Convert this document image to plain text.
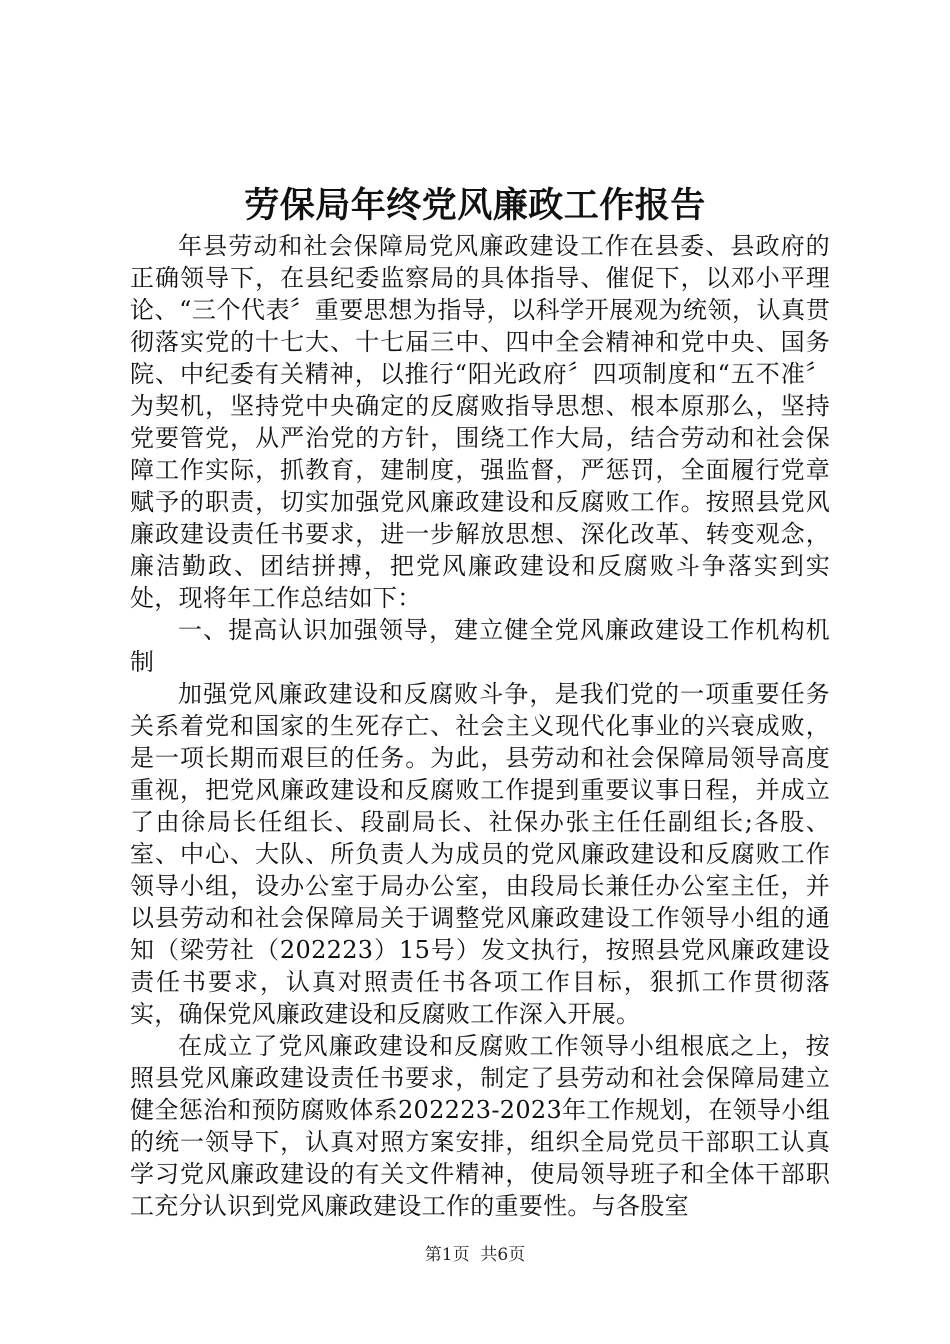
劳保局年终党风廉政工作报告

年县劳动和社会保障局党风廉政建设工作在县委、县政府的正确领导下，在县纪委监察局的具体指导、催促下，以邓小平理论、“三个代表〞重要思想为指导，以科学开展观为统领，认真贯彻落实党的十七大、十七届三中、四中全会精神和党中央、国务院、中纪委有关精神，以推行“阳光政府〞四项制度和“五不准〞为契机，坚持党中央确定的反腐败指导思想、根本原那么，坚持党要管党，从严治党的方针，围绕工作大局，结合劳动和社会保障工作实际，抓教育，建制度，强监督，严惩罚，全面履行党章赋予的职责，切实加强党风廉政建设和反腐败工作。按照县党风廉政建设责任书要求，进一步解放思想、深化改革、转变观念，廉洁勤政、团结拼搏，把党风廉政建设和反腐败斗争落实到实处，现将年工作总结如下：

一、提高认识加强领导，建立健全党风廉政建设工作机构机制

加强党风廉政建设和反腐败斗争，是我们党的一项重要任务关系着党和国家的生死存亡、社会主义现代化事业的兴衰成败，是一项长期而艰巨的任务。为此，县劳动和社会保障局领导高度重视，把党风廉政建设和反腐败工作提到重要议事日程，并成立了由徐局长任组长、段副局长、社保办张主任任副组长;各股、室、中心、大队、所负责人为成员的党风廉政建设和反腐败工作领导小组，设办公室于局办公室，由段局长兼任办公室主任，并以县劳动和社会保障局关于调整党风廉政建设工作领导小组的通知（梁劳社（202223）15号）发文执行，按照县党风廉政建设责任书要求，认真对照责任书各项工作目标，狠抓工作贯彻落实，确保党风廉政建设和反腐败工作深入开展。

在成立了党风廉政建设和反腐败工作领导小组根底之上，按照县党风廉政建设责任书要求，制定了县劳动和社会保障局建立健全惩治和预防腐败体系202223-2023年工作规划，在领导小组的统一领导下，认真对照方案安排，组织全局党员干部职工认真学习党风廉政建设的有关文件精神，使局领导班子和全体干部职工充分认识到党风廉政建设工作的重要性。与各股室

第1页 共6页
